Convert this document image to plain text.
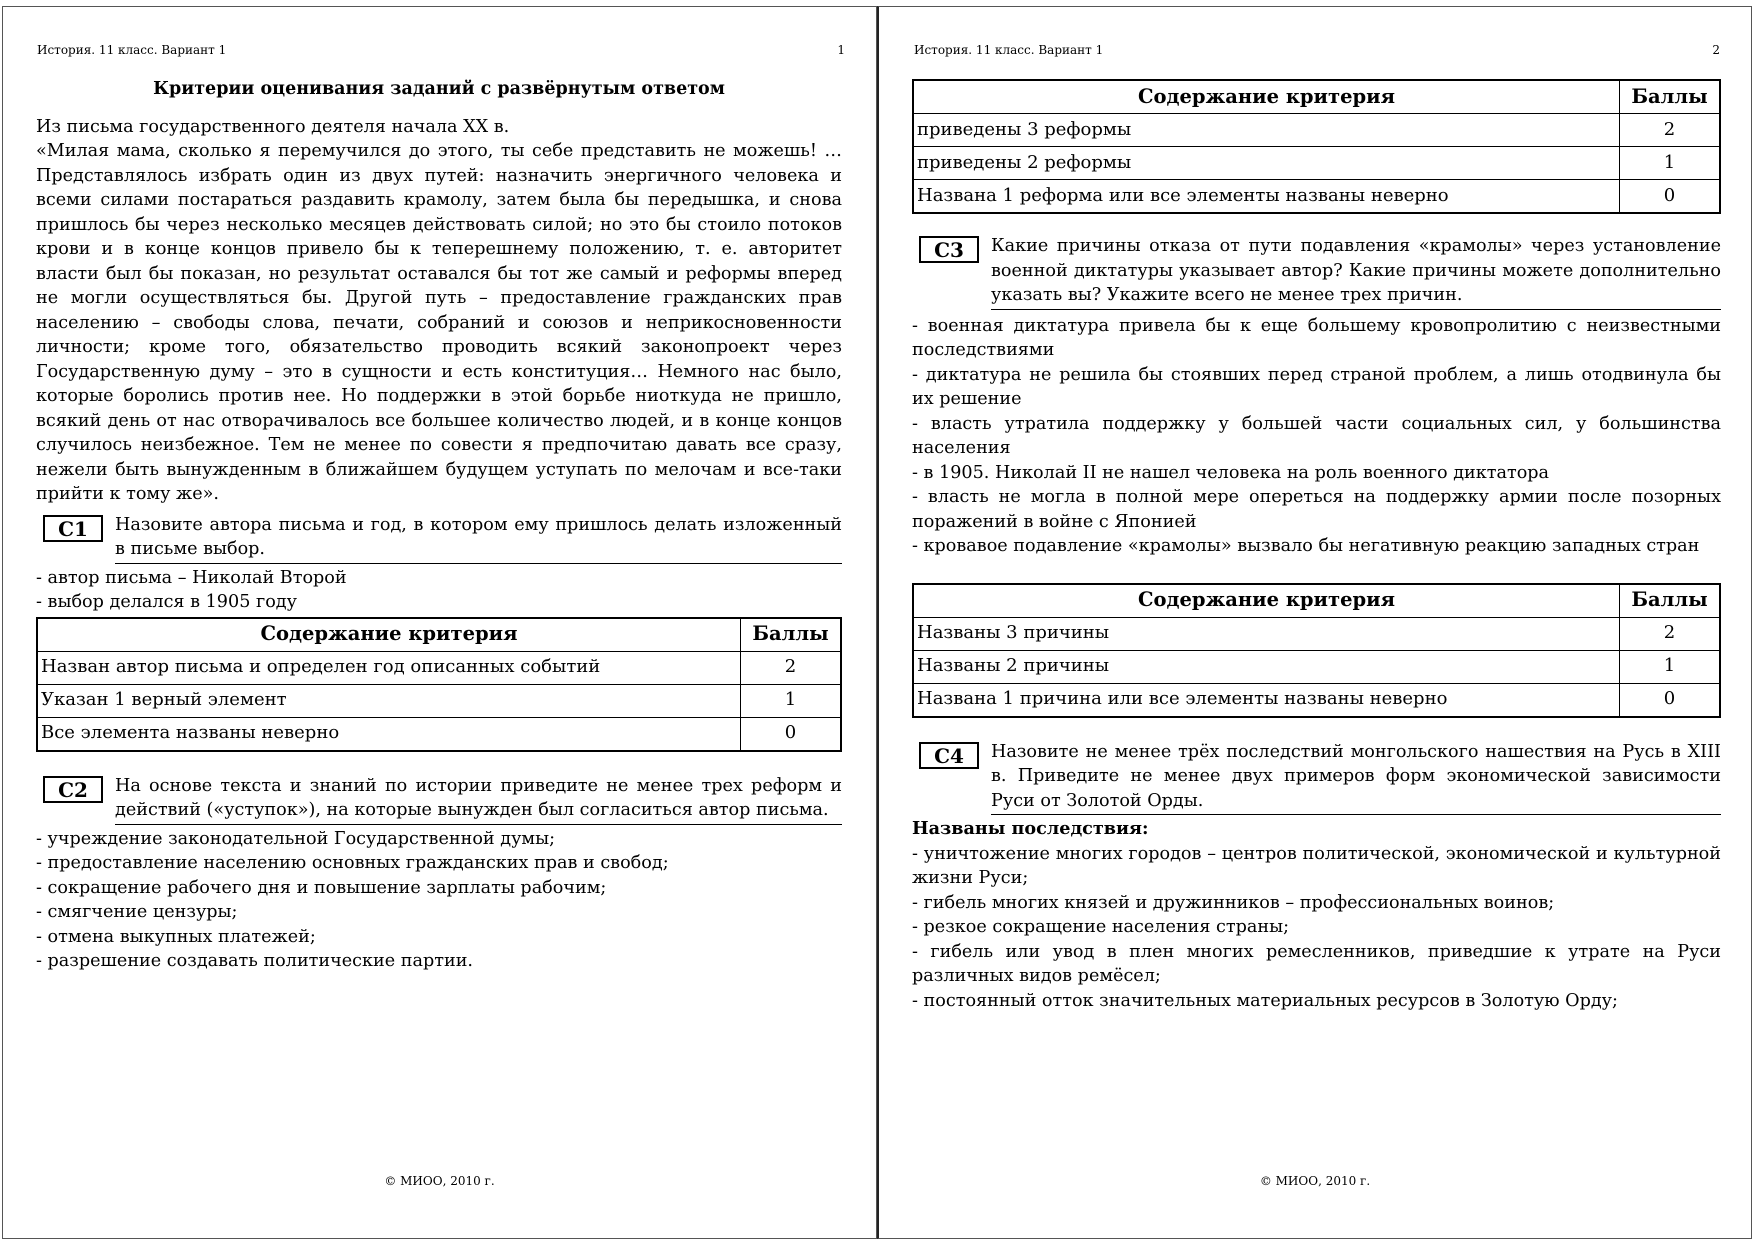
История. 11 класс. Вариант 1	1
Критерии оценивания заданий с развёрнутым ответом

Из письма государственного деятеля начала XX в.

«Милая мама, сколько я перемучился до этого, ты себе представить не можешь! …Представлялось избрать один из двух путей: назначить энергичного человека и всеми силами постараться раздавить крамолу, затем была бы передышка, и снова пришлось бы через несколько месяцев действовать силой; но это бы стоило потоков крови и в конце концов привело бы к теперешнему положению, т. е. авторитет власти был бы показан, но результат оставался бы тот же самый и реформы вперед не могли осуществляться бы. Другой путь – предоставление гражданских прав населению – свободы слова, печати, собраний и союзов и неприкосновенности личности; кроме того, обязательство проводить всякий законопроект через Государственную думу – это в сущности и есть конституция… Немного нас было, которые боролись против нее. Но поддержки в этой борьбе ниоткуда не пришло, всякий день от нас отворачивалось все большее количество людей, и в конце концов случилось неизбежное. Тем не менее по совести я предпочитаю давать все сразу, нежели быть вынужденным в ближайшем будущем уступать по мелочам и все-таки прийти к тому же».

C1	Назовите автора письма и год, в котором ему пришлось делать изложенный в письме выбор.

- автор письма – Николай Второй

- выбор делался в 1905 году

Содержание критерия	Баллы
Назван автор письма и определен год описанных событий	2
Указан 1 верный элемент	1
Все элемента названы неверно	0
C2	На основе текста и знаний по истории приведите не менее трех реформ и действий («уступок»), на которые вынужден был согласиться автор письма.

- учреждение законодательной Государственной думы;

- предоставление населению основных гражданских прав и свобод;

- сокращение рабочего дня и повышение зарплаты рабочим;

- смягчение цензуры;

- отмена выкупных платежей;

- разрешение создавать политические партии.

© МИОО, 2010 г.
История. 11 класс. Вариант 1	2
Содержание критерия	Баллы
приведены 3 реформы	2
приведены 2 реформы	1
Названа 1 реформа или все элементы названы неверно	0
C3	Какие причины отказа от пути подавления «крамолы» через установление военной диктатуры указывает автор? Какие причины можете дополнительно указать вы? Укажите всего не менее трех причин.

- военная диктатура привела бы к еще большему кровопролитию с неизвестными последствиями

- диктатура не решила бы стоявших перед страной проблем, а лишь отодвинула бы их решение

- власть утратила поддержку у большей части социальных сил, у большинства населения

- в 1905. Николай II не нашел человека на роль военного диктатора

- власть не могла в полной мере опереться на поддержку армии после позорных поражений в войне с Японией

- кровавое подавление «крамолы» вызвало бы негативную реакцию западных стран

Содержание критерия	Баллы
Названы 3 причины	2
Названы 2 причины	1
Названа 1 причина или все элементы названы неверно	0
C4	Назовите не менее трёх последствий монгольского нашествия на Русь в XIII в. Приведите не менее двух примеров форм экономической зависимости Руси от Золотой Орды.

Названы последствия:

- уничтожение многих городов – центров политической, экономической и культурной жизни Руси;

- гибель многих князей и дружинников – профессиональных воинов;

- резкое сокращение населения страны;

- гибель или увод в плен многих ремесленников, приведшие к утрате на Руси различных видов ремёсел;

- постоянный отток значительных материальных ресурсов в Золотую Орду;

© МИОО, 2010 г.
